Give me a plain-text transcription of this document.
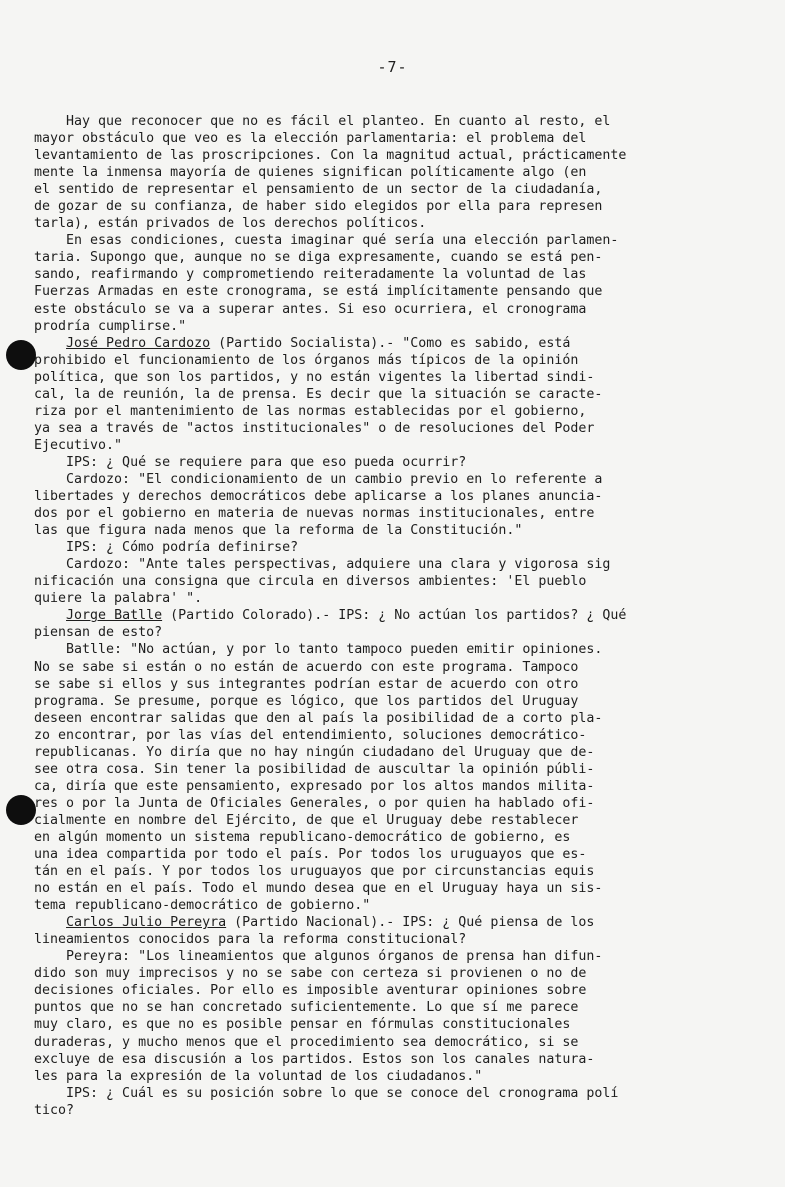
-7-
Hay que reconocer que no es fácil el planteo. En cuanto al resto, el
mayor obstáculo que veo es la elección parlamentaria: el problema del
levantamiento de las proscripciones. Con la magnitud actual, prácticamente
mente la inmensa mayoría de quienes significan políticamente algo (en
el sentido de representar el pensamiento de un sector de la ciudadanía,
de gozar de su confianza, de haber sido elegidos por ella para represen
tarla), están privados de los derechos políticos.
En esas condiciones, cuesta imaginar qué sería una elección parlamen-
taria. Supongo que, aunque no se diga expresamente, cuando se está pen-
sando, reafirmando y comprometiendo reiteradamente la voluntad de las
Fuerzas Armadas en este cronograma, se está implícitamente pensando que
este obstáculo se va a superar antes. Si eso ocurriera, el cronograma
prodría cumplirse."
José Pedro Cardozo (Partido Socialista).- "Como es sabido, está
prohibido el funcionamiento de los órganos más típicos de la opinión
política, que son los partidos, y no están vigentes la libertad sindi-
cal, la de reunión, la de prensa. Es decir que la situación se caracte-
riza por el mantenimiento de las normas establecidas por el gobierno,
ya sea a través de "actos institucionales" o de resoluciones del Poder
Ejecutivo."
IPS: ¿ Qué se requiere para que eso pueda ocurrir?
Cardozo: "El condicionamiento de un cambio previo en lo referente a
libertades y derechos democráticos debe aplicarse a los planes anuncia-
dos por el gobierno en materia de nuevas normas institucionales, entre
las que figura nada menos que la reforma de la Constitución."
IPS: ¿ Cómo podría definirse?
Cardozo: "Ante tales perspectivas, adquiere una clara y vigorosa sig
nificación una consigna que circula en diversos ambientes: 'El pueblo
quiere la palabra' ".
Jorge Batlle (Partido Colorado).- IPS: ¿ No actúan los partidos? ¿ Qué
piensan de esto?
Batlle: "No actúan, y por lo tanto tampoco pueden emitir opiniones.
No se sabe si están o no están de acuerdo con este programa. Tampoco
se sabe si ellos y sus integrantes podrían estar de acuerdo con otro
programa. Se presume, porque es lógico, que los partidos del Uruguay
deseen encontrar salidas que den al país la posibilidad de a corto pla-
zo encontrar, por las vías del entendimiento, soluciones democrático-
republicanas. Yo diría que no hay ningún ciudadano del Uruguay que de-
see otra cosa. Sin tener la posibilidad de auscultar la opinión públi-
ca, diría que este pensamiento, expresado por los altos mandos milita-
res o por la Junta de Oficiales Generales, o por quien ha hablado ofi-
cialmente en nombre del Ejército, de que el Uruguay debe restablecer
en algún momento un sistema republicano-democrático de gobierno, es
una idea compartida por todo el país. Por todos los uruguayos que es-
tán en el país. Y por todos los uruguayos que por circunstancias equis
no están en el país. Todo el mundo desea que en el Uruguay haya un sis-
tema republicano-democrático de gobierno."
Carlos Julio Pereyra (Partido Nacional).- IPS: ¿ Qué piensa de los
lineamientos conocidos para la reforma constitucional?
Pereyra: "Los lineamientos que algunos órganos de prensa han difun-
dido son muy imprecisos y no se sabe con certeza si provienen o no de
decisiones oficiales. Por ello es imposible aventurar opiniones sobre
puntos que no se han concretado suficientemente. Lo que sí me parece
muy claro, es que no es posible pensar en fórmulas constitucionales
duraderas, y mucho menos que el procedimiento sea democrático, si se
excluye de esa discusión a los partidos. Estos son los canales natura-
les para la expresión de la voluntad de los ciudadanos."
IPS: ¿ Cuál es su posición sobre lo que se conoce del cronograma polí
tico?
